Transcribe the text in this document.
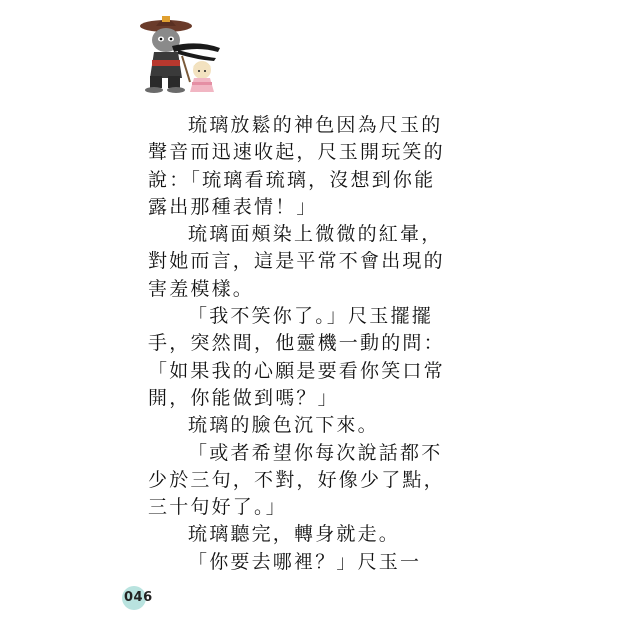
琉璃放鬆的神色因為尺玉的
聲音而迅速收起，尺玉開玩笑的
說：「琉璃看琉璃，沒想到你能
露出那種表情！」
琉璃面頰染上微微的紅暈，
對她而言，這是平常不會出現的
害羞模樣。
「我不笑你了。」尺玉擺擺
手，突然間，他靈機一動的問：
「如果我的心願是要看你笑口常
開，你能做到嗎？」
琉璃的臉色沉下來。
「或者希望你每次說話都不
少於三句，不對，好像少了點，
三十句好了。」
琉璃聽完，轉身就走。
「你要去哪裡？」尺玉一
046
